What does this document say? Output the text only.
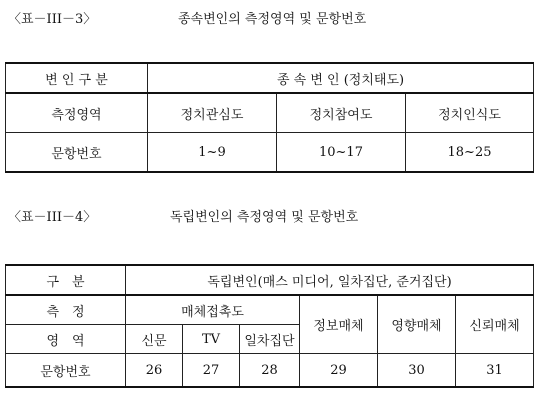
〈표－III－3〉	종속변인의 측정영역 및 문항번호
변 인 구 분	종 속 변 인 (정치태도)		
측정영역	정치관심도	정치참여도	정치인식도
문항번호	1~9	10~17	18~25
〈표－III－4〉	독립변인의 측정영역 및 문항번호
구　분	독립변인(매스 미디어, 일차집단, 준거집단)					
측　정	매체접촉도			정보매체	영향매체	신뢰매체
영　역	신문	TV	일차집단			
문항번호	26	27	28	29	30	31
